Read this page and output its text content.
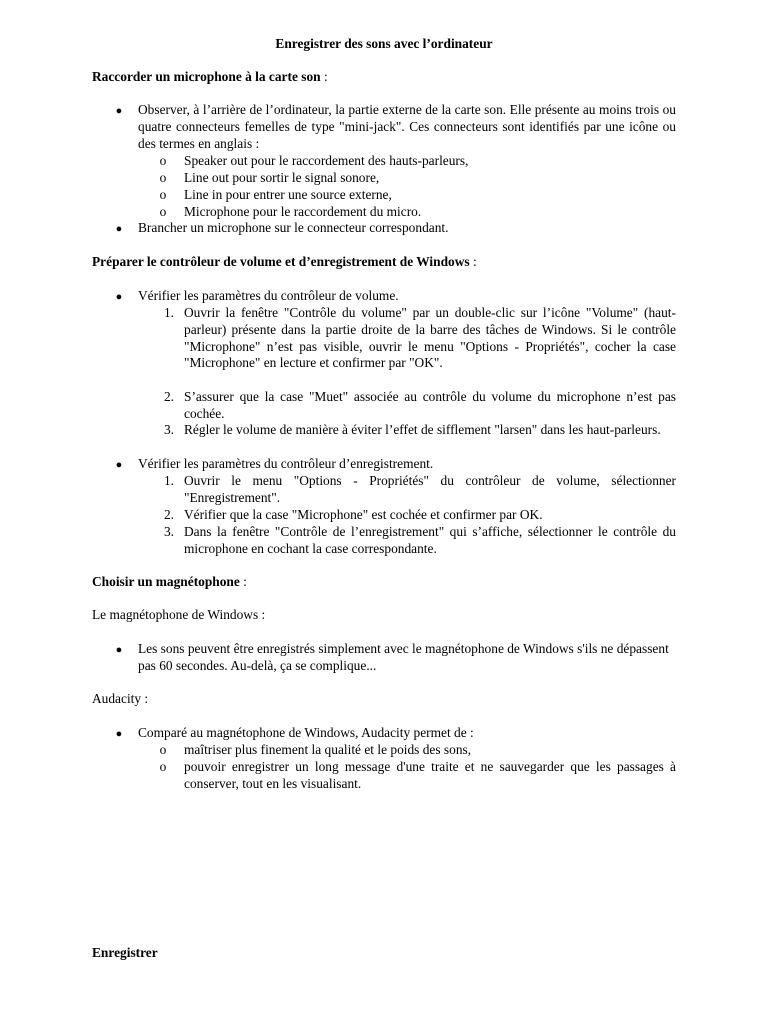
Enregistrer des sons avec l’ordinateur

Raccorder un microphone à la carte son :

● Observer, à l’arrière de l’ordinateur, la partie externe de la carte son. Elle présente au moins trois ou quatre connecteurs femelles de type "mini-jack". Ces connecteurs sont identifiés par une icône ou des termes en anglais :

o Speaker out pour le raccordement des hauts-parleurs,

o Line out pour sortir le signal sonore,

o Line in pour entrer une source externe,

o Microphone pour le raccordement du micro.

● Brancher un microphone sur le connecteur correspondant.

Préparer le contrôleur de volume et d’enregistrement de Windows :

● Vérifier les paramètres du contrôleur de volume.

1. Ouvrir la fenêtre "Contrôle du volume" par un double-clic sur l’icône "Volume" (haut-parleur) présente dans la partie droite de la barre des tâches de Windows. Si le contrôle "Microphone" n’est pas visible, ouvrir le menu "Options - Propriétés", cocher la case "Microphone" en lecture et confirmer par "OK".

2. S’assurer que la case "Muet" associée au contrôle du volume du microphone n’est pas cochée.

3. Régler le volume de manière à éviter l’effet de sifflement "larsen" dans les haut-parleurs.

● Vérifier les paramètres du contrôleur d’enregistrement.

1. Ouvrir le menu "Options - Propriétés" du contrôleur de volume, sélectionner "Enregistrement".

2. Vérifier que la case "Microphone" est cochée et confirmer par OK.

3. Dans la fenêtre "Contrôle de l’enregistrement" qui s’affiche, sélectionner le contrôle du microphone en cochant la case correspondante.

Choisir un magnétophone :

Le magnétophone de Windows :

● Les sons peuvent être enregistrés simplement avec le magnétophone de Windows s'ils ne dépassent pas 60 secondes. Au-delà, ça se complique...

Audacity :

● Comparé au magnétophone de Windows, Audacity permet de :

o maîtriser plus finement la qualité et le poids des sons,

o pouvoir enregistrer un long message d'une traite et ne sauvegarder que les passages à conserver, tout en les visualisant.

Enregistrer
